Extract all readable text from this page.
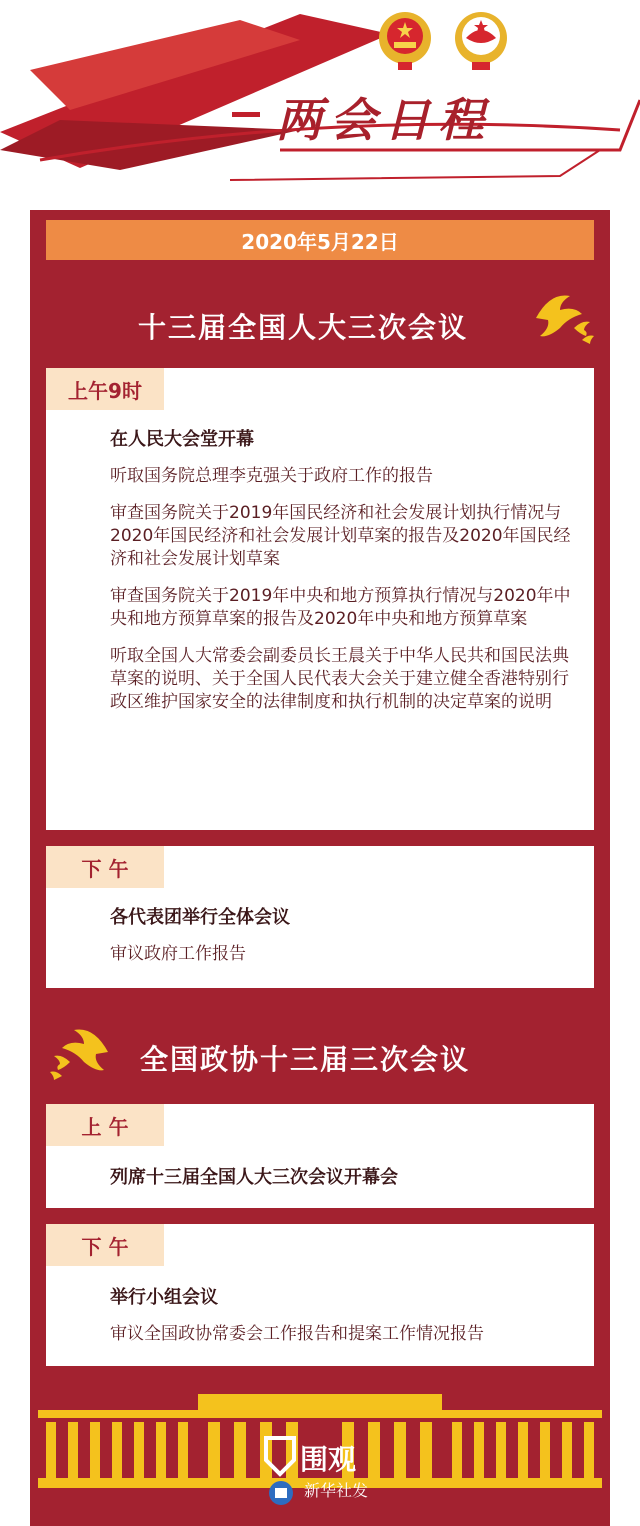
两会日程
2020年5月22日
十三届全国人大三次会议
上午9时
在人民大会堂开幕
听取国务院总理李克强关于政府工作的报告
审查国务院关于2019年国民经济和社会发展计划执行情况与2020年国民经济和社会发展计划草案的报告及2020年国民经济和社会发展计划草案
审查国务院关于2019年中央和地方预算执行情况与2020年中央和地方预算草案的报告及2020年中央和地方预算草案
听取全国人大常委会副委员长王晨关于中华人民共和国民法典草案的说明、关于全国人民代表大会关于建立健全香港特别行政区维护国家安全的法律制度和执行机制的决定草案的说明
下 午
各代表团举行全体会议
审议政府工作报告
全国政协十三届三次会议
上 午
列席十三届全国人大三次会议开幕会
下 午
举行小组会议
审议全国政协常委会工作报告和提案工作情况报告
围观
新华社发
